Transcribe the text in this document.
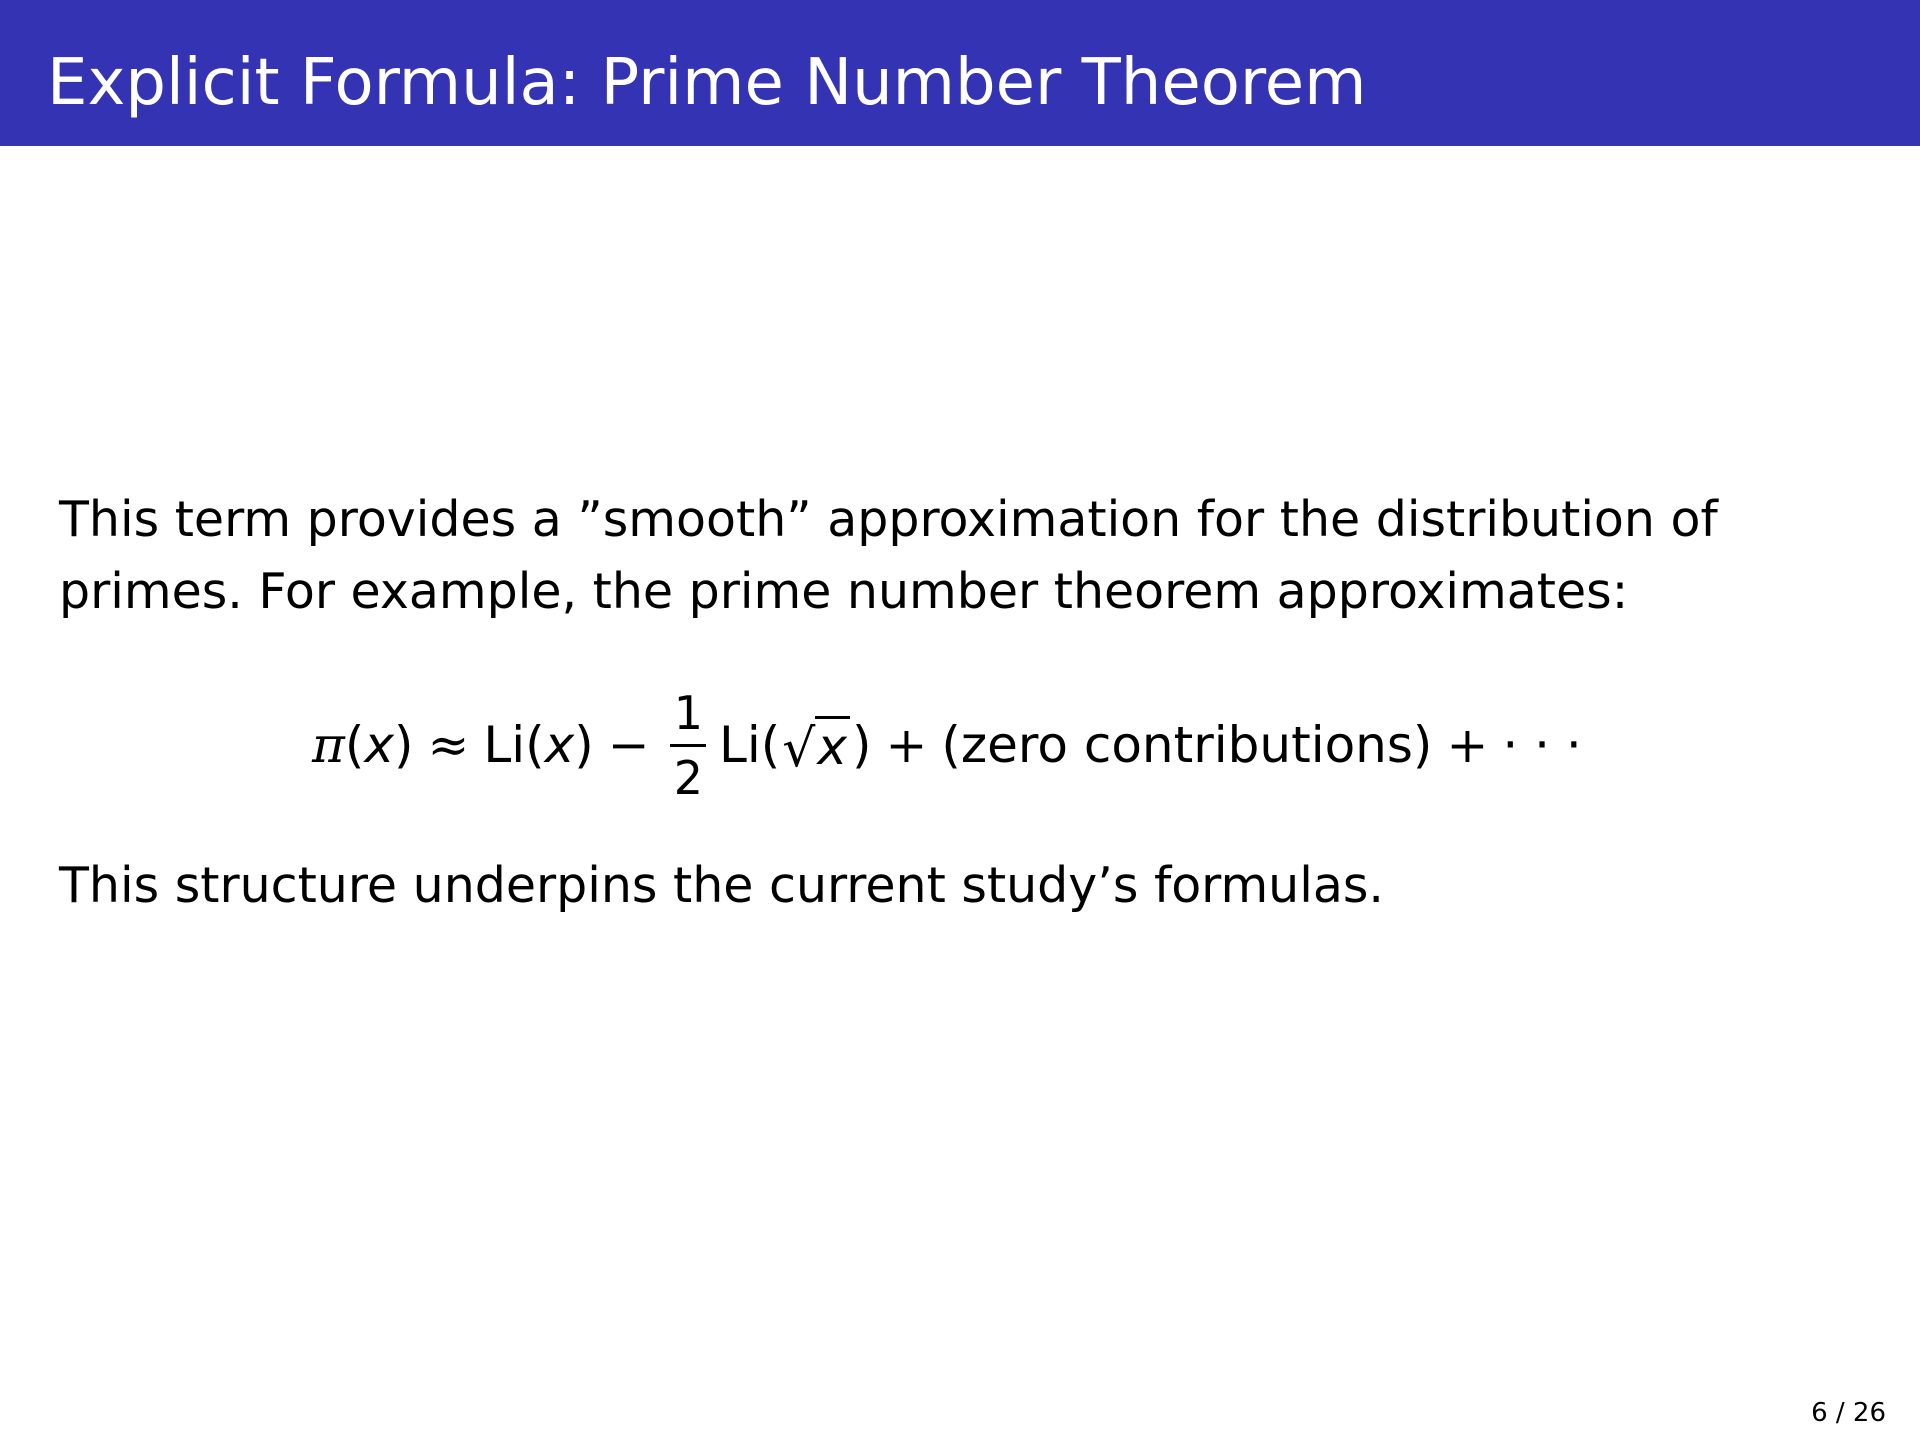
Explicit Formula: Prime Number Theorem
This term provides a ”smooth” approximation for the distribution of
primes. For example, the prime number theorem approximates:
π ( x ) ≈ Li ( x ) − $\frac{1}{2}$ Li ( √ x ) + (zero contributions) + · · ·
This structure underpins the current study’s formulas.
6 / 26
